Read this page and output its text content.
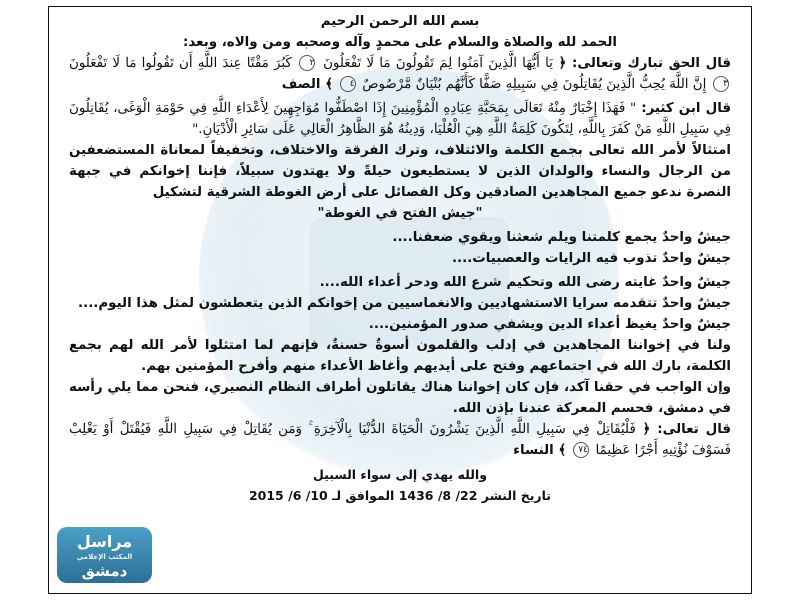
بسم الله الرحمن الرحيم
الحمد لله والصلاة والسلام على محمدٍ وآله وصحبه ومن والاه، وبعد:
قال الحق تبارك وتعالى: ﴿ يَا أَيُّهَا الَّذِينَ آمَنُوا لِمَ تَقُولُونَ مَا لَا تَفْعَلُونَ ٢ كَبُرَ مَقْتًا عِندَ اللَّهِ أَن تَقُولُوا مَا لَا تَفْعَلُونَ ٣ إِنَّ اللَّهَ يُحِبُّ الَّذِينَ يُقَاتِلُونَ فِي سَبِيلِهِ صَفًّا كَأَنَّهُم بُنْيَانٌ مَّرْصُوصٌ ٤ ﴾ الصف
قال ابن كثير: " فَهَذَا إِخْبَارٌ مِنْهُ تَعَالَى بِمَحَبَّةِ عِبَادِهِ الْمُؤْمِنِينَ إِذَا اصْطَفُّوا مُوَاجِهِينَ لِأَعْدَاءِ اللَّهِ فِي حَوْمَةِ الْوَغَى، يُقَاتِلُونَ فِي سَبِيلِ اللَّهِ مَنْ كَفَرَ بِاللَّهِ، لِتَكُونَ كَلِمَةُ اللَّهِ هِيَ الْعُلْيَا، وَدِينُهُ هُوَ الظَّاهِرُ الْعَالِي عَلَى سَائِرِ الْأَدْيَانِ."
امتثالاً لأمر الله تعالى بجمع الكلمة والائتلاف، وترك الفرقة والاختلاف، وتخفيفاً لمعاناة المستضعفين من الرجال والنساء والولدان الذين لا يستطيعون حيلةً ولا يهتدون سبيلاً، فإننا إخوانكم في جبهة النصرة ندعو جميع المجاهدين الصادقين وكل الفصائل على أرض الغوطة الشرقية لتشكيل
"جيش الفتح في الغوطة"
جيشٌ واحدٌ يجمع كلمتنا ويلم شعثنا ويقوي ضعفنا....
جيشٌ واحدٌ تذوب فيه الرايات والعصبيات....
جيشٌ واحدٌ غايته رضى الله وتحكيم شرع الله ودحر أعداء الله....
جيشٌ واحدٌ تتقدمه سرايا الاستشهاديين والانغماسيين من إخوانكم الذين يتعطشون لمثل هذا اليوم....
جيشٌ واحدٌ يغيظ أعداء الدين ويشفي صدور المؤمنين....
ولنا في إخواننا المجاهدين في إدلب والقلمون أسوةٌ حسنةٌ، فإنهم لما امتثلوا لأمر الله لهم بجمع الكلمة، بارك الله في اجتماعهم وفتح على أيديهم وأغاظ الأعداء منهم وأفرح المؤمنين بهم.
وإن الواجب في حقنا آكد، فإن كان إخواننا هناك يقاتلون أطراف النظام النصيري، فنحن مما يلي رأسه في دمشق، فحسم المعركة عندنا بإذن الله.
قال تعالى: ﴿ فَلْيُقَاتِلْ فِي سَبِيلِ اللَّهِ الَّذِينَ يَشْرُونَ الْحَيَاةَ الدُّنْيَا بِالْآخِرَةِ ۚ وَمَن يُقَاتِلْ فِي سَبِيلِ اللَّهِ فَيُقْتَلْ أَوْ يَغْلِبْ فَسَوْفَ نُؤْتِيهِ أَجْرًا عَظِيمًا ٧٤ ﴾ النساء
والله يهدي إلى سواء السبيل
تاريخ النشر 22/ 8/ 1436 الموافق لـ 10/ 6/ 2015
مراسل
المكتب الإعلامي
دمشق
